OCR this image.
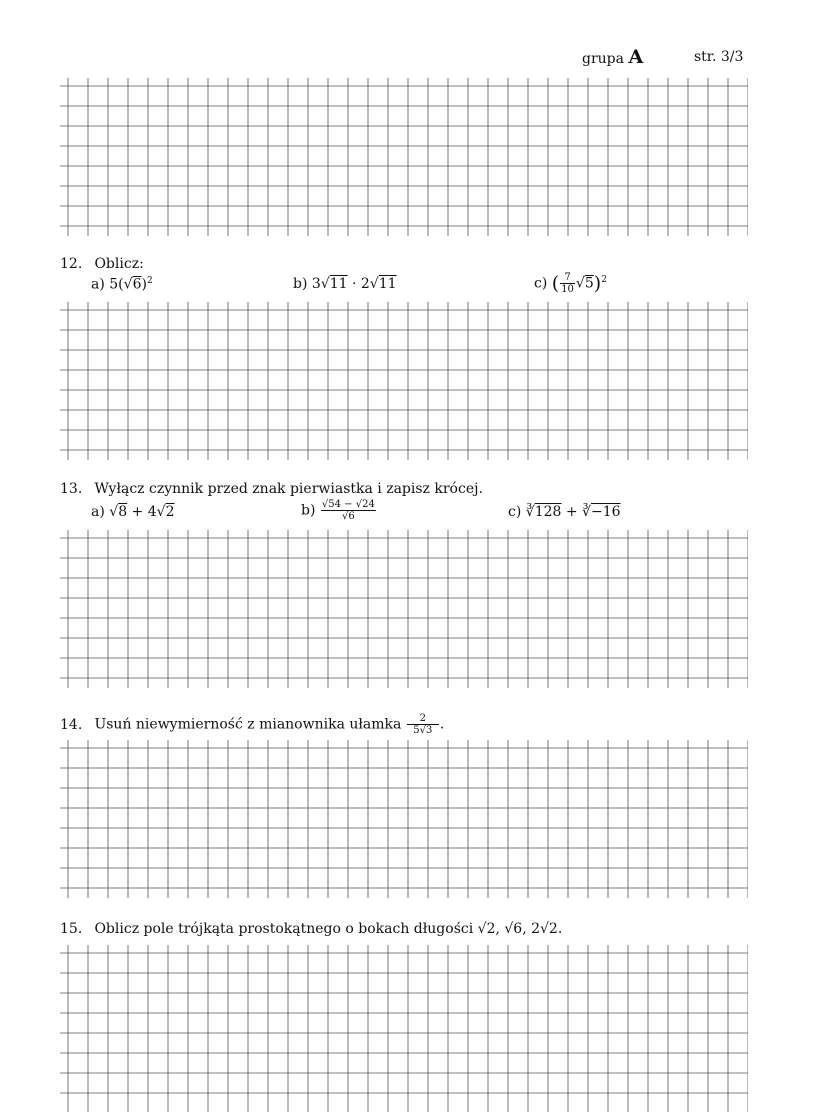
grupa A	str. 3/3
12. Oblicz:
a) $5(√6)^2$	b) 3√11 · 2√11	c) ( $\frac{7}{10} √5)^2$
13. Wyłącz czynnik przed znak pierwiastka i zapisz krócej.
a) √8 + 4√2	$b) \frac{√54 - √24}{√6}$	c) ∛128 + ∛−16
14. Usuń niewymierność z mianownika ułamka $\frac{2}{5√3}$ .
15. Oblicz pole trójkąta prostokątnego o bokach długości √2, √6, 2√2.
